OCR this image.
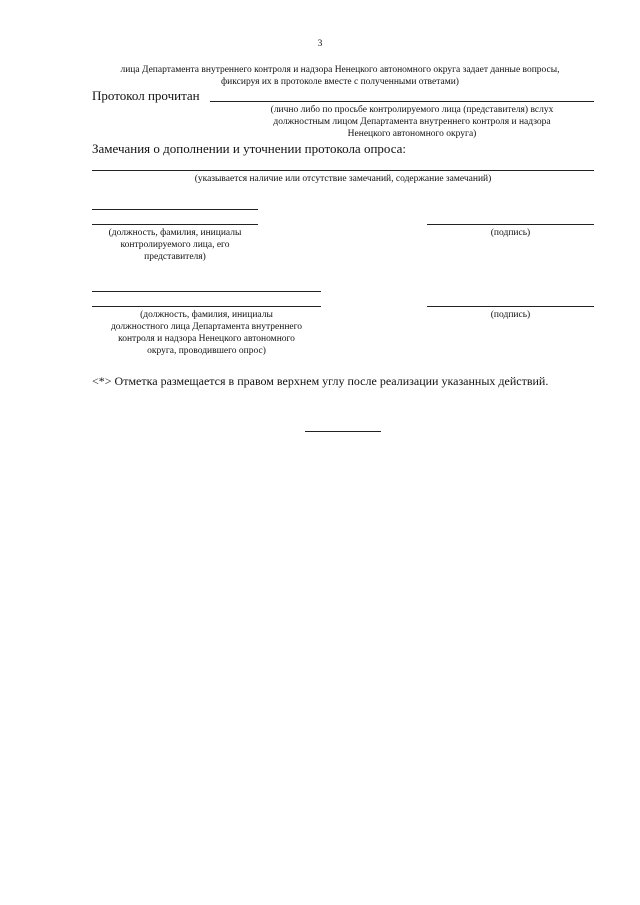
3
лица Департамента внутреннего контроля и надзора Ненецкого автономного округа задает данные вопросы,
фиксируя их в протоколе вместе с полученными ответами)
Протокол прочитан
(лично либо по просьбе контролируемого лица (представителя) вслух
должностным лицом Департамента внутреннего контроля и надзора
Ненецкого автономного округа)
Замечания о дополнении и уточнении протокола опроса:
(указывается наличие или отсутствие замечаний, содержание замечаний)
(должность, фамилия, инициалы
контролируемого лица, его
представителя)
(подпись)
(должность, фамилия, инициалы
должностного лица Департамента внутреннего
контроля и надзора Ненецкого автономного
округа, проводившего опрос)
(подпись)
<*> Отметка размещается в правом верхнем углу после реализации указанных действий.
